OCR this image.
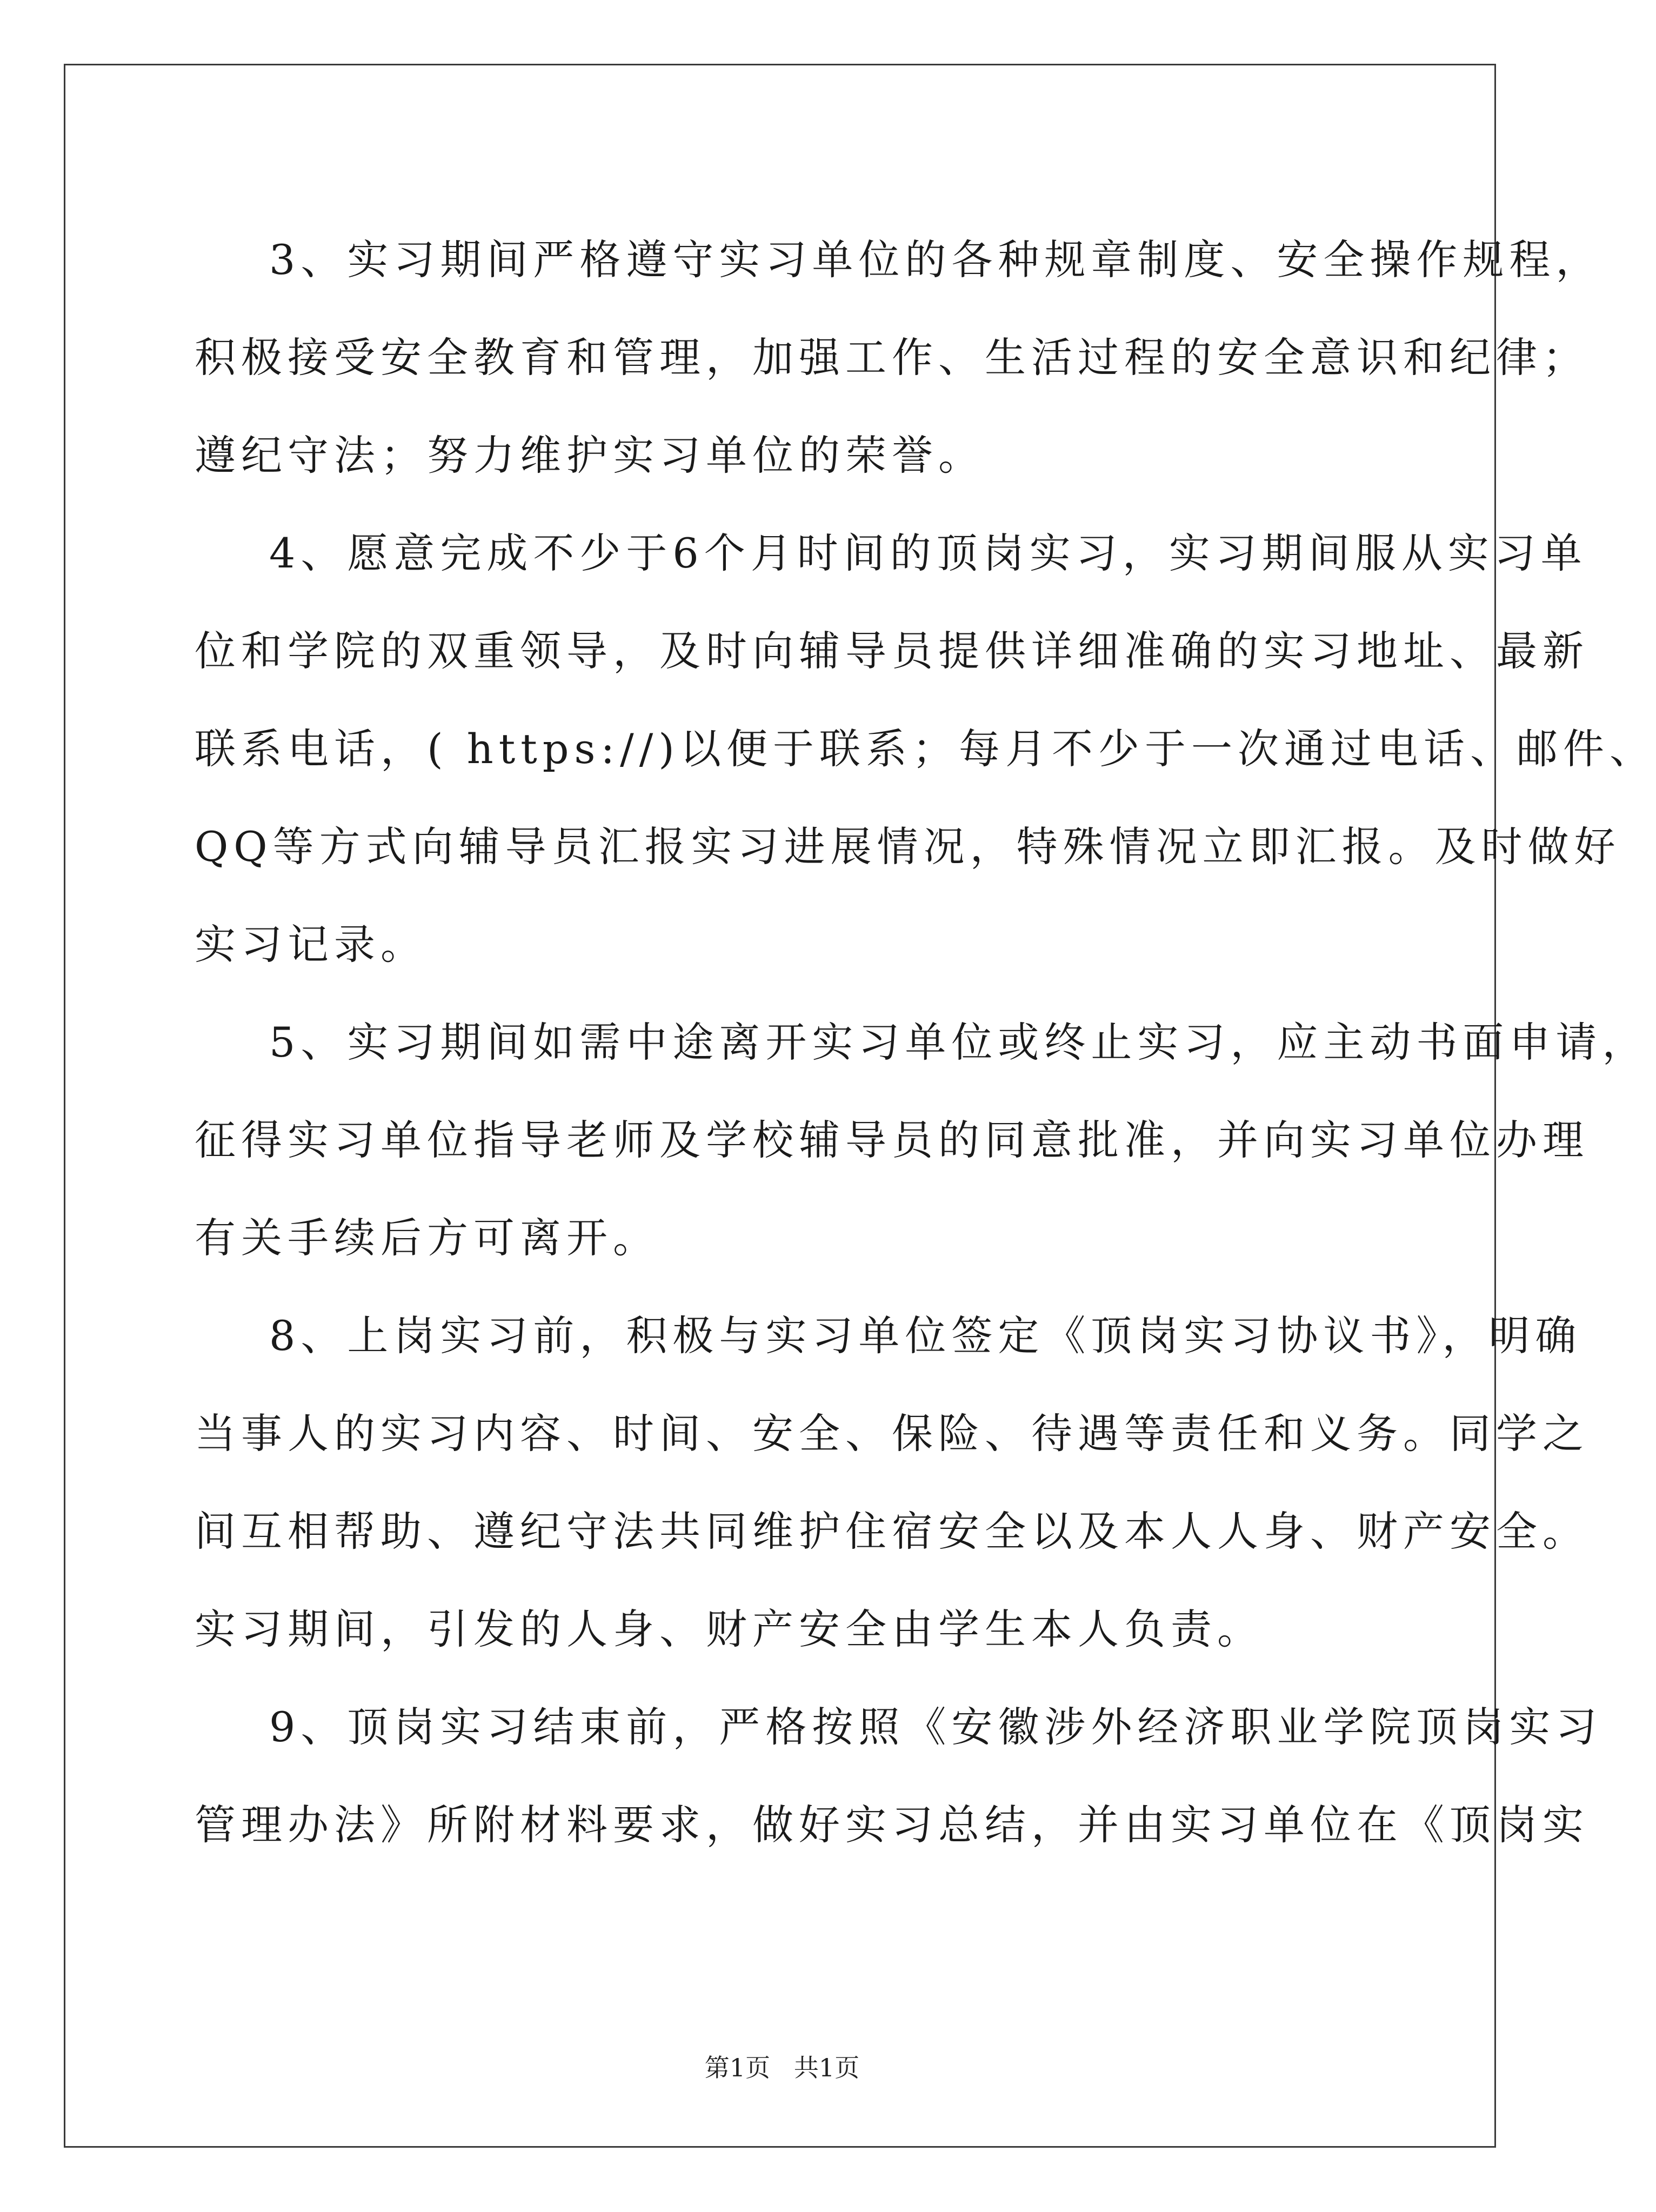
3、实习期间严格遵守实习单位的各种规章制度、安全操作规程，
积极接受安全教育和管理，加强工作、生活过程的安全意识和纪律；
遵纪守法；努力维护实习单位的荣誉。
4、愿意完成不少于6个月时间的顶岗实习，实习期间服从实习单
位和学院的双重领导，及时向辅导员提供详细准确的实习地址、最新
联系电话，( https://)以便于联系；每月不少于一次通过电话、邮件、
QQ等方式向辅导员汇报实习进展情况，特殊情况立即汇报。及时做好
实习记录。
5、实习期间如需中途离开实习单位或终止实习，应主动书面申请，
征得实习单位指导老师及学校辅导员的同意批准，并向实习单位办理
有关手续后方可离开。
8、上岗实习前，积极与实习单位签定《顶岗实习协议书》，明确
当事人的实习内容、时间、安全、保险、待遇等责任和义务。同学之
间互相帮助、遵纪守法共同维护住宿安全以及本人人身、财产安全。
实习期间，引发的人身、财产安全由学生本人负责。
9、顶岗实习结束前，严格按照《安徽涉外经济职业学院顶岗实习
管理办法》所附材料要求，做好实习总结，并由实习单位在《顶岗实
第1页   共1页
